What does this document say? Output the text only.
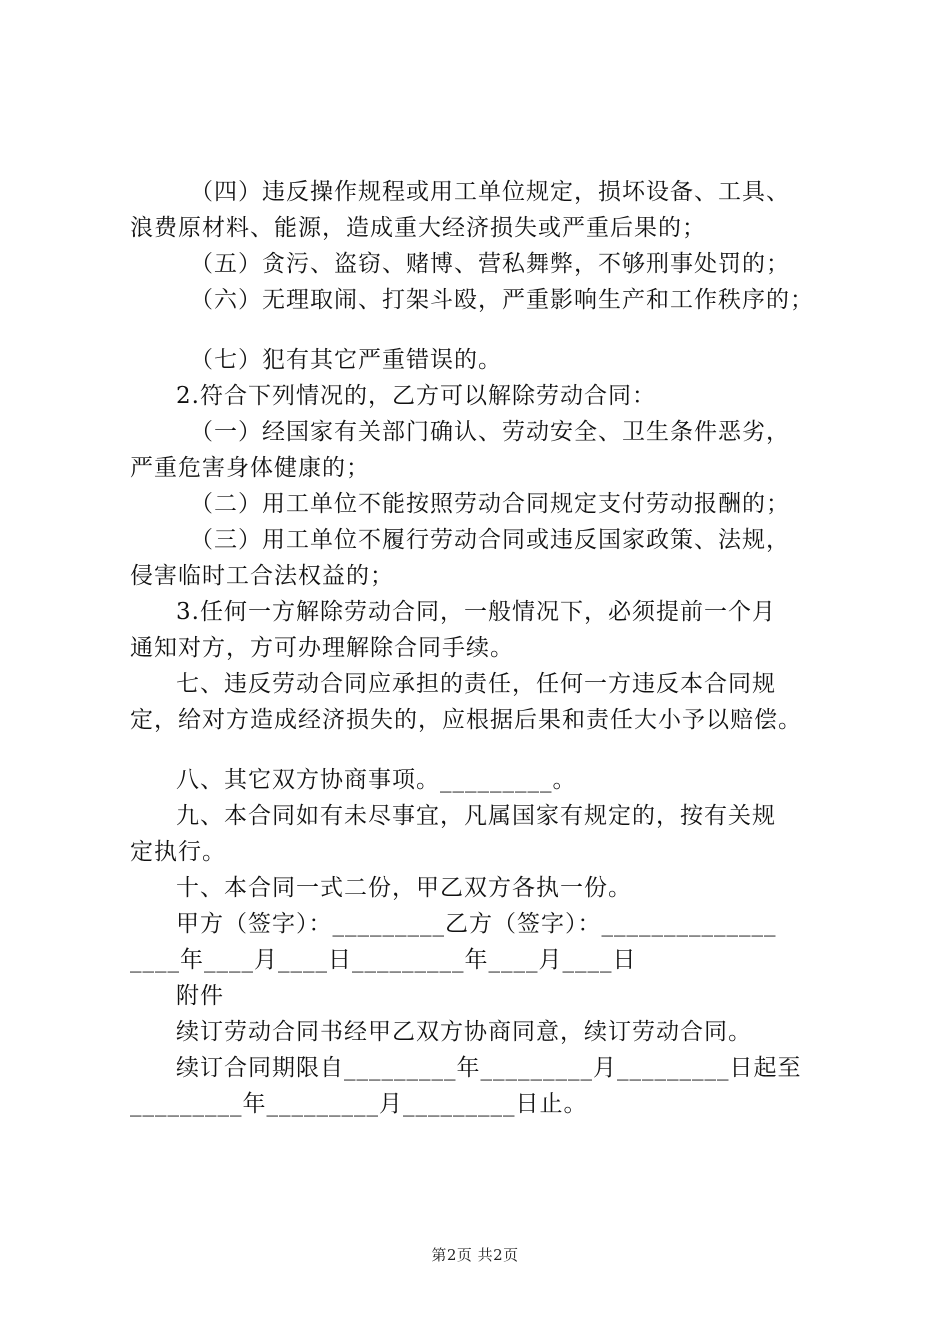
（四）违反操作规程或用工单位规定，损坏设备、工具、
浪费原材料、能源，造成重大经济损失或严重后果的；
（五）贪污、盗窃、赌博、营私舞弊，不够刑事处罚的；
（六）无理取闹、打架斗殴，严重影响生产和工作秩序的；
（七）犯有其它严重错误的。
2.符合下列情况的，乙方可以解除劳动合同：
（一）经国家有关部门确认、劳动安全、卫生条件恶劣，
严重危害身体健康的；
（二）用工单位不能按照劳动合同规定支付劳动报酬的；
（三）用工单位不履行劳动合同或违反国家政策、法规，
侵害临时工合法权益的；
3.任何一方解除劳动合同，一般情况下，必须提前一个月
通知对方，方可办理解除合同手续。
七、违反劳动合同应承担的责任，任何一方违反本合同规
定，给对方造成经济损失的，应根据后果和责任大小予以赔偿。
八、其它双方协商事项。_________。
九、本合同如有未尽事宜，凡属国家有规定的，按有关规
定执行。
十、本合同一式二份，甲乙双方各执一份。
甲方（签字）：_________乙方（签字）：______________
____年____月____日_________年____月____日
附件
续订劳动合同书经甲乙双方协商同意，续订劳动合同。
续订合同期限自_________年_________月_________日起至
_________年_________月_________日止。
第2页 共2页
